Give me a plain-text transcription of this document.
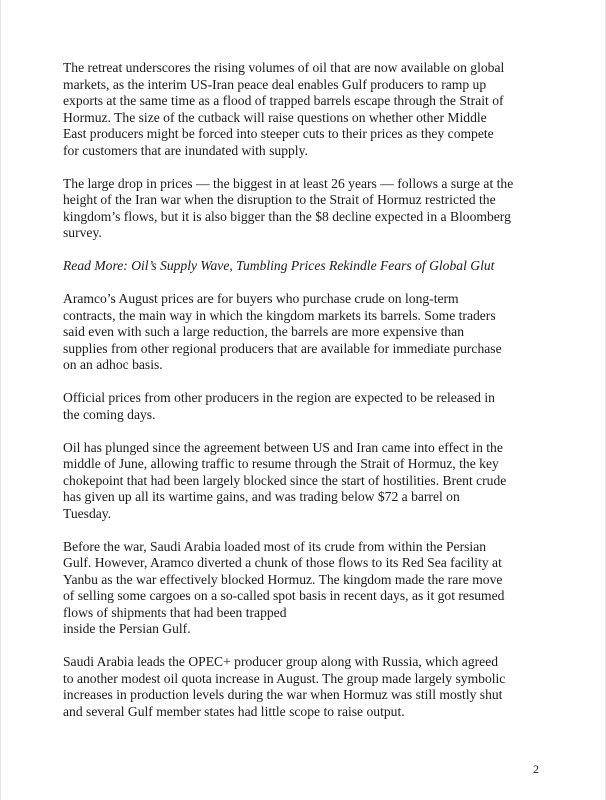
The retreat underscores the rising volumes of oil that are now available on global
markets, as the interim US-Iran peace deal enables Gulf producers to ramp up
exports at the same time as a flood of trapped barrels escape through the Strait of
Hormuz. The size of the cutback will raise questions on whether other Middle
East producers might be forced into steeper cuts to their prices as they compete
for customers that are inundated with supply.

The large drop in prices — the biggest in at least 26 years — follows a surge at the
height of the Iran war when the disruption to the Strait of Hormuz restricted the
kingdom’s flows, but it is also bigger than the $8 decline expected in a Bloomberg
survey.

Read More: Oil’s Supply Wave, Tumbling Prices Rekindle Fears of Global Glut

Aramco’s August prices are for buyers who purchase crude on long-term
contracts, the main way in which the kingdom markets its barrels. Some traders
said even with such a large reduction, the barrels are more expensive than
supplies from other regional producers that are available for immediate purchase
on an adhoc basis.

Official prices from other producers in the region are expected to be released in
the coming days.

Oil has plunged since the agreement between US and Iran came into effect in the
middle of June, allowing traffic to resume through the Strait of Hormuz, the key
chokepoint that had been largely blocked since the start of hostilities. Brent crude
has given up all its wartime gains, and was trading below $72 a barrel on
Tuesday.

Before the war, Saudi Arabia loaded most of its crude from within the Persian
Gulf. However, Aramco diverted a chunk of those flows to its Red Sea facility at
Yanbu as the war effectively blocked Hormuz. The kingdom made the rare move
of selling some cargoes on a so-called spot basis in recent days, as it got resumed
flows of shipments that had been trapped
inside the Persian Gulf.

Saudi Arabia leads the OPEC+ producer group along with Russia, which agreed
to another modest oil quota increase in August. The group made largely symbolic
increases in production levels during the war when Hormuz was still mostly shut
and several Gulf member states had little scope to raise output.

2
